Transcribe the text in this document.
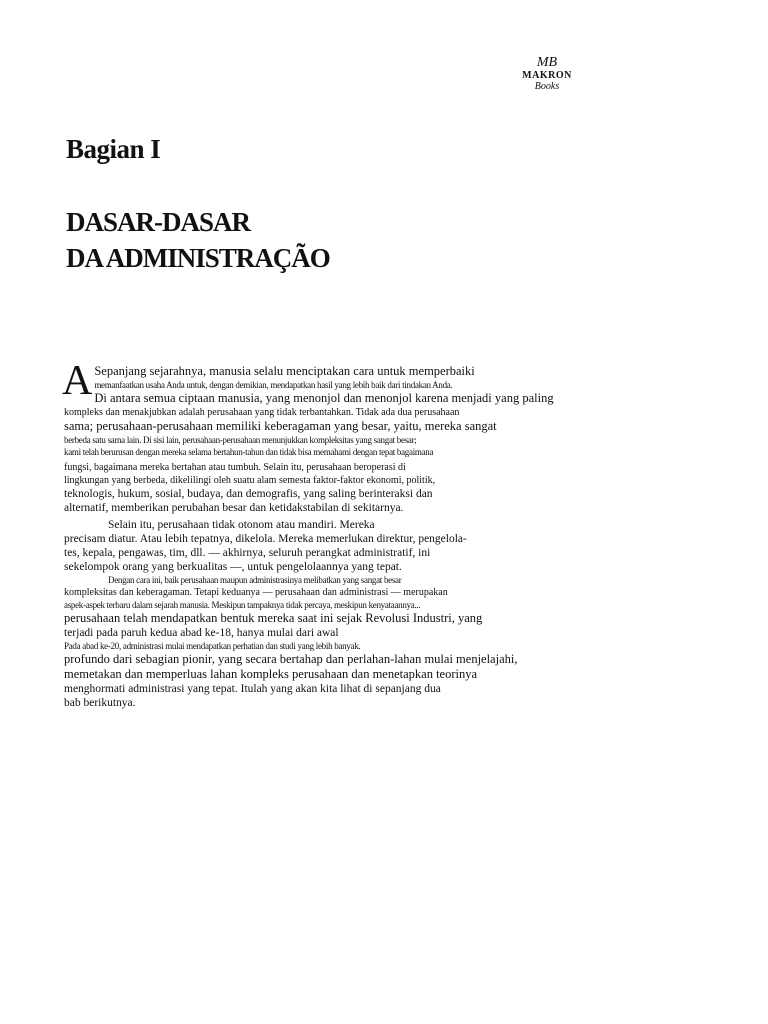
MB
MAKRON
Books
Bagian I
DASAR-DASAR
DA ADMINISTRAÇÃO
A Sepanjang sejarahnya, manusia selalu menciptakan cara untuk memperbaiki
memanfaatkan usaha Anda untuk, dengan demikian, mendapatkan hasil yang lebih baik dari tindakan Anda.
Di antara semua ciptaan manusia, yang menonjol dan menonjol karena menjadi yang paling
kompleks dan menakjubkan adalah perusahaan yang tidak terbantahkan. Tidak ada dua perusahaan
sama; perusahaan-perusahaan memiliki keberagaman yang besar, yaitu, mereka sangat
berbeda satu sama lain. Di sisi lain, perusahaan-perusahaan menunjukkan kompleksitas yang sangat besar;
kami telah berurusan dengan mereka selama bertahun-tahun dan tidak bisa memahami dengan tepat bagaimana
fungsi, bagaimana mereka bertahan atau tumbuh. Selain itu, perusahaan beroperasi di
lingkungan yang berbeda, dikelilingi oleh suatu alam semesta faktor-faktor ekonomi, politik,
teknologis, hukum, sosial, budaya, dan demografis, yang saling berinteraksi dan
alternatif, memberikan perubahan besar dan ketidakstabilan di sekitarnya.
Selain itu, perusahaan tidak otonom atau mandiri. Mereka
precisam diatur. Atau lebih tepatnya, dikelola. Mereka memerlukan direktur, pengelola-
tes, kepala, pengawas, tim, dll. — akhirnya, seluruh perangkat administratif, ini
sekelompok orang yang berkualitas —, untuk pengelolaannya yang tepat.
Dengan cara ini, baik perusahaan maupun administrasinya melibatkan yang sangat besar
kompleksitas dan keberagaman. Tetapi keduanya — perusahaan dan administrasi — merupakan
aspek-aspek terbaru dalam sejarah manusia. Meskipun tampaknya tidak percaya, meskipun kenyataannya...
perusahaan telah mendapatkan bentuk mereka saat ini sejak Revolusi Industri, yang
terjadi pada paruh kedua abad ke-18, hanya mulai dari awal
Pada abad ke-20, administrasi mulai mendapatkan perhatian dan studi yang lebih banyak.
profundo dari sebagian pionir, yang secara bertahap dan perlahan-lahan mulai menjelajahi,
memetakan dan memperluas lahan kompleks perusahaan dan menetapkan teorinya
menghormati administrasi yang tepat. Itulah yang akan kita lihat di sepanjang dua
bab berikutnya.
